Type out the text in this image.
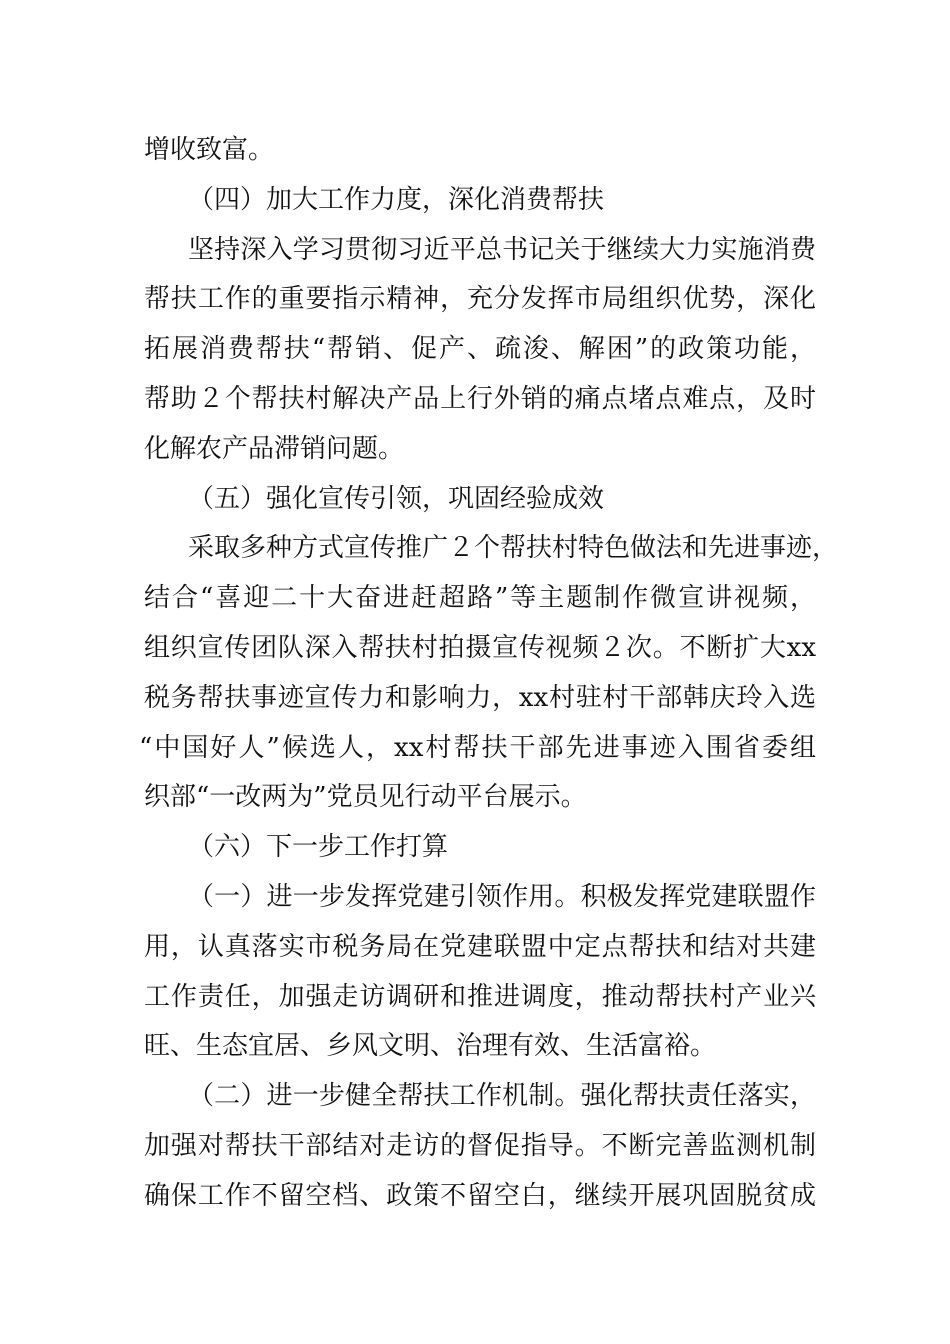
增收致富。
（四）加大工作力度，深化消费帮扶
坚持深入学习贯彻习近平总书记关于继续大力实施消费
帮扶工作的重要指示精神，充分发挥市局组织优势，深化
拓展消费帮扶“帮销、促产、疏浚、解困”的政策功能，
帮助２个帮扶村解决产品上行外销的痛点堵点难点，及时
化解农产品滞销问题。
（五）强化宣传引领，巩固经验成效
采取多种方式宣传推广２个帮扶村特色做法和先进事迹，
结合“喜迎二十大奋进赶超路”等主题制作微宣讲视频，
组织宣传团队深入帮扶村拍摄宣传视频２次。不断扩大xx
税务帮扶事迹宣传力和影响力，xx村驻村干部韩庆玲入选
“中国好人”候选人，xx村帮扶干部先进事迹入围省委组
织部“一改两为”党员见行动平台展示。
（六）下一步工作打算
（一）进一步发挥党建引领作用。积极发挥党建联盟作
用，认真落实市税务局在党建联盟中定点帮扶和结对共建
工作责任，加强走访调研和推进调度，推动帮扶村产业兴
旺、生态宜居、乡风文明、治理有效、生活富裕。
（二）进一步健全帮扶工作机制。强化帮扶责任落实，
加强对帮扶干部结对走访的督促指导。不断完善监测机制
确保工作不留空档、政策不留空白，继续开展巩固脱贫成
